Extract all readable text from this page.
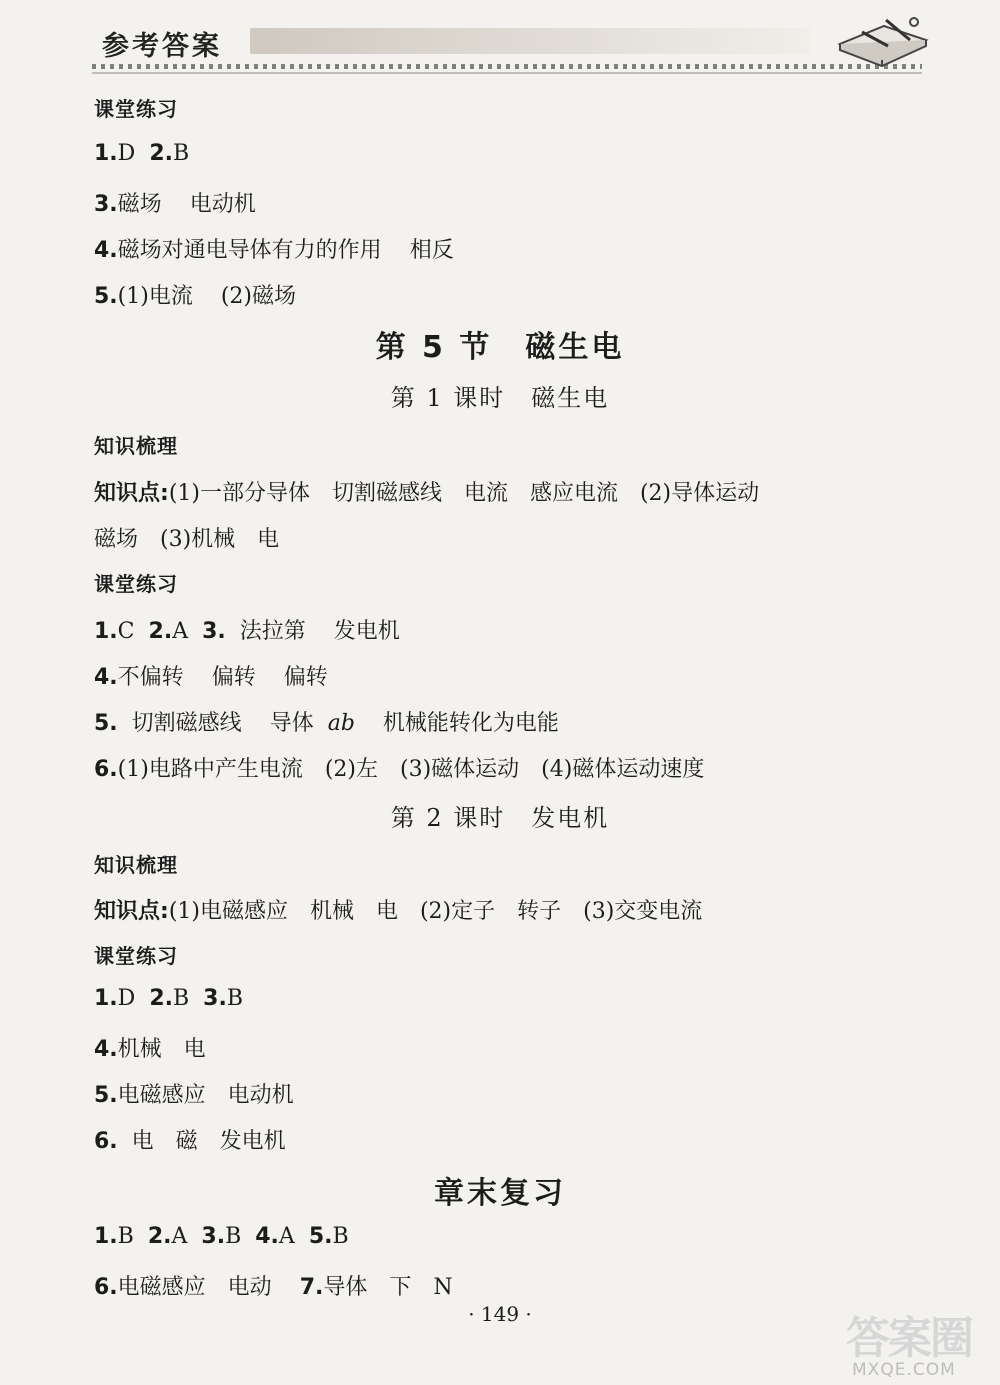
参考答案
课堂练习
1.D 2.B
3.磁场 电动机
4.磁场对通电导体有力的作用 相反
5.(1)电流 (2)磁场
第 5 节　磁生电
第 1 课时　磁生电
知识梳理
知识点:(1)一部分导体　切割磁感线　电流　感应电流　(2)导体运动
磁场　(3)机械　电
课堂练习
1.C 2.A 3. 法拉第 发电机
4.不偏转 偏转 偏转
5. 切割磁感线 导体 ab 机械能转化为电能
6.(1)电路中产生电流　(2)左　(3)磁体运动　(4)磁体运动速度
第 2 课时　发电机
知识梳理
知识点:(1)电磁感应　机械　电　(2)定子　转子　(3)交变电流
课堂练习
1.D 2.B 3.B
4.机械　电
5.电磁感应　电动机
6. 电　磁　发电机
章末复习
1.B 2.A 3.B 4.A 5.B
6.电磁感应　电动 7.导体　下　N
· 149 ·	答案圈
MXQE.COM
